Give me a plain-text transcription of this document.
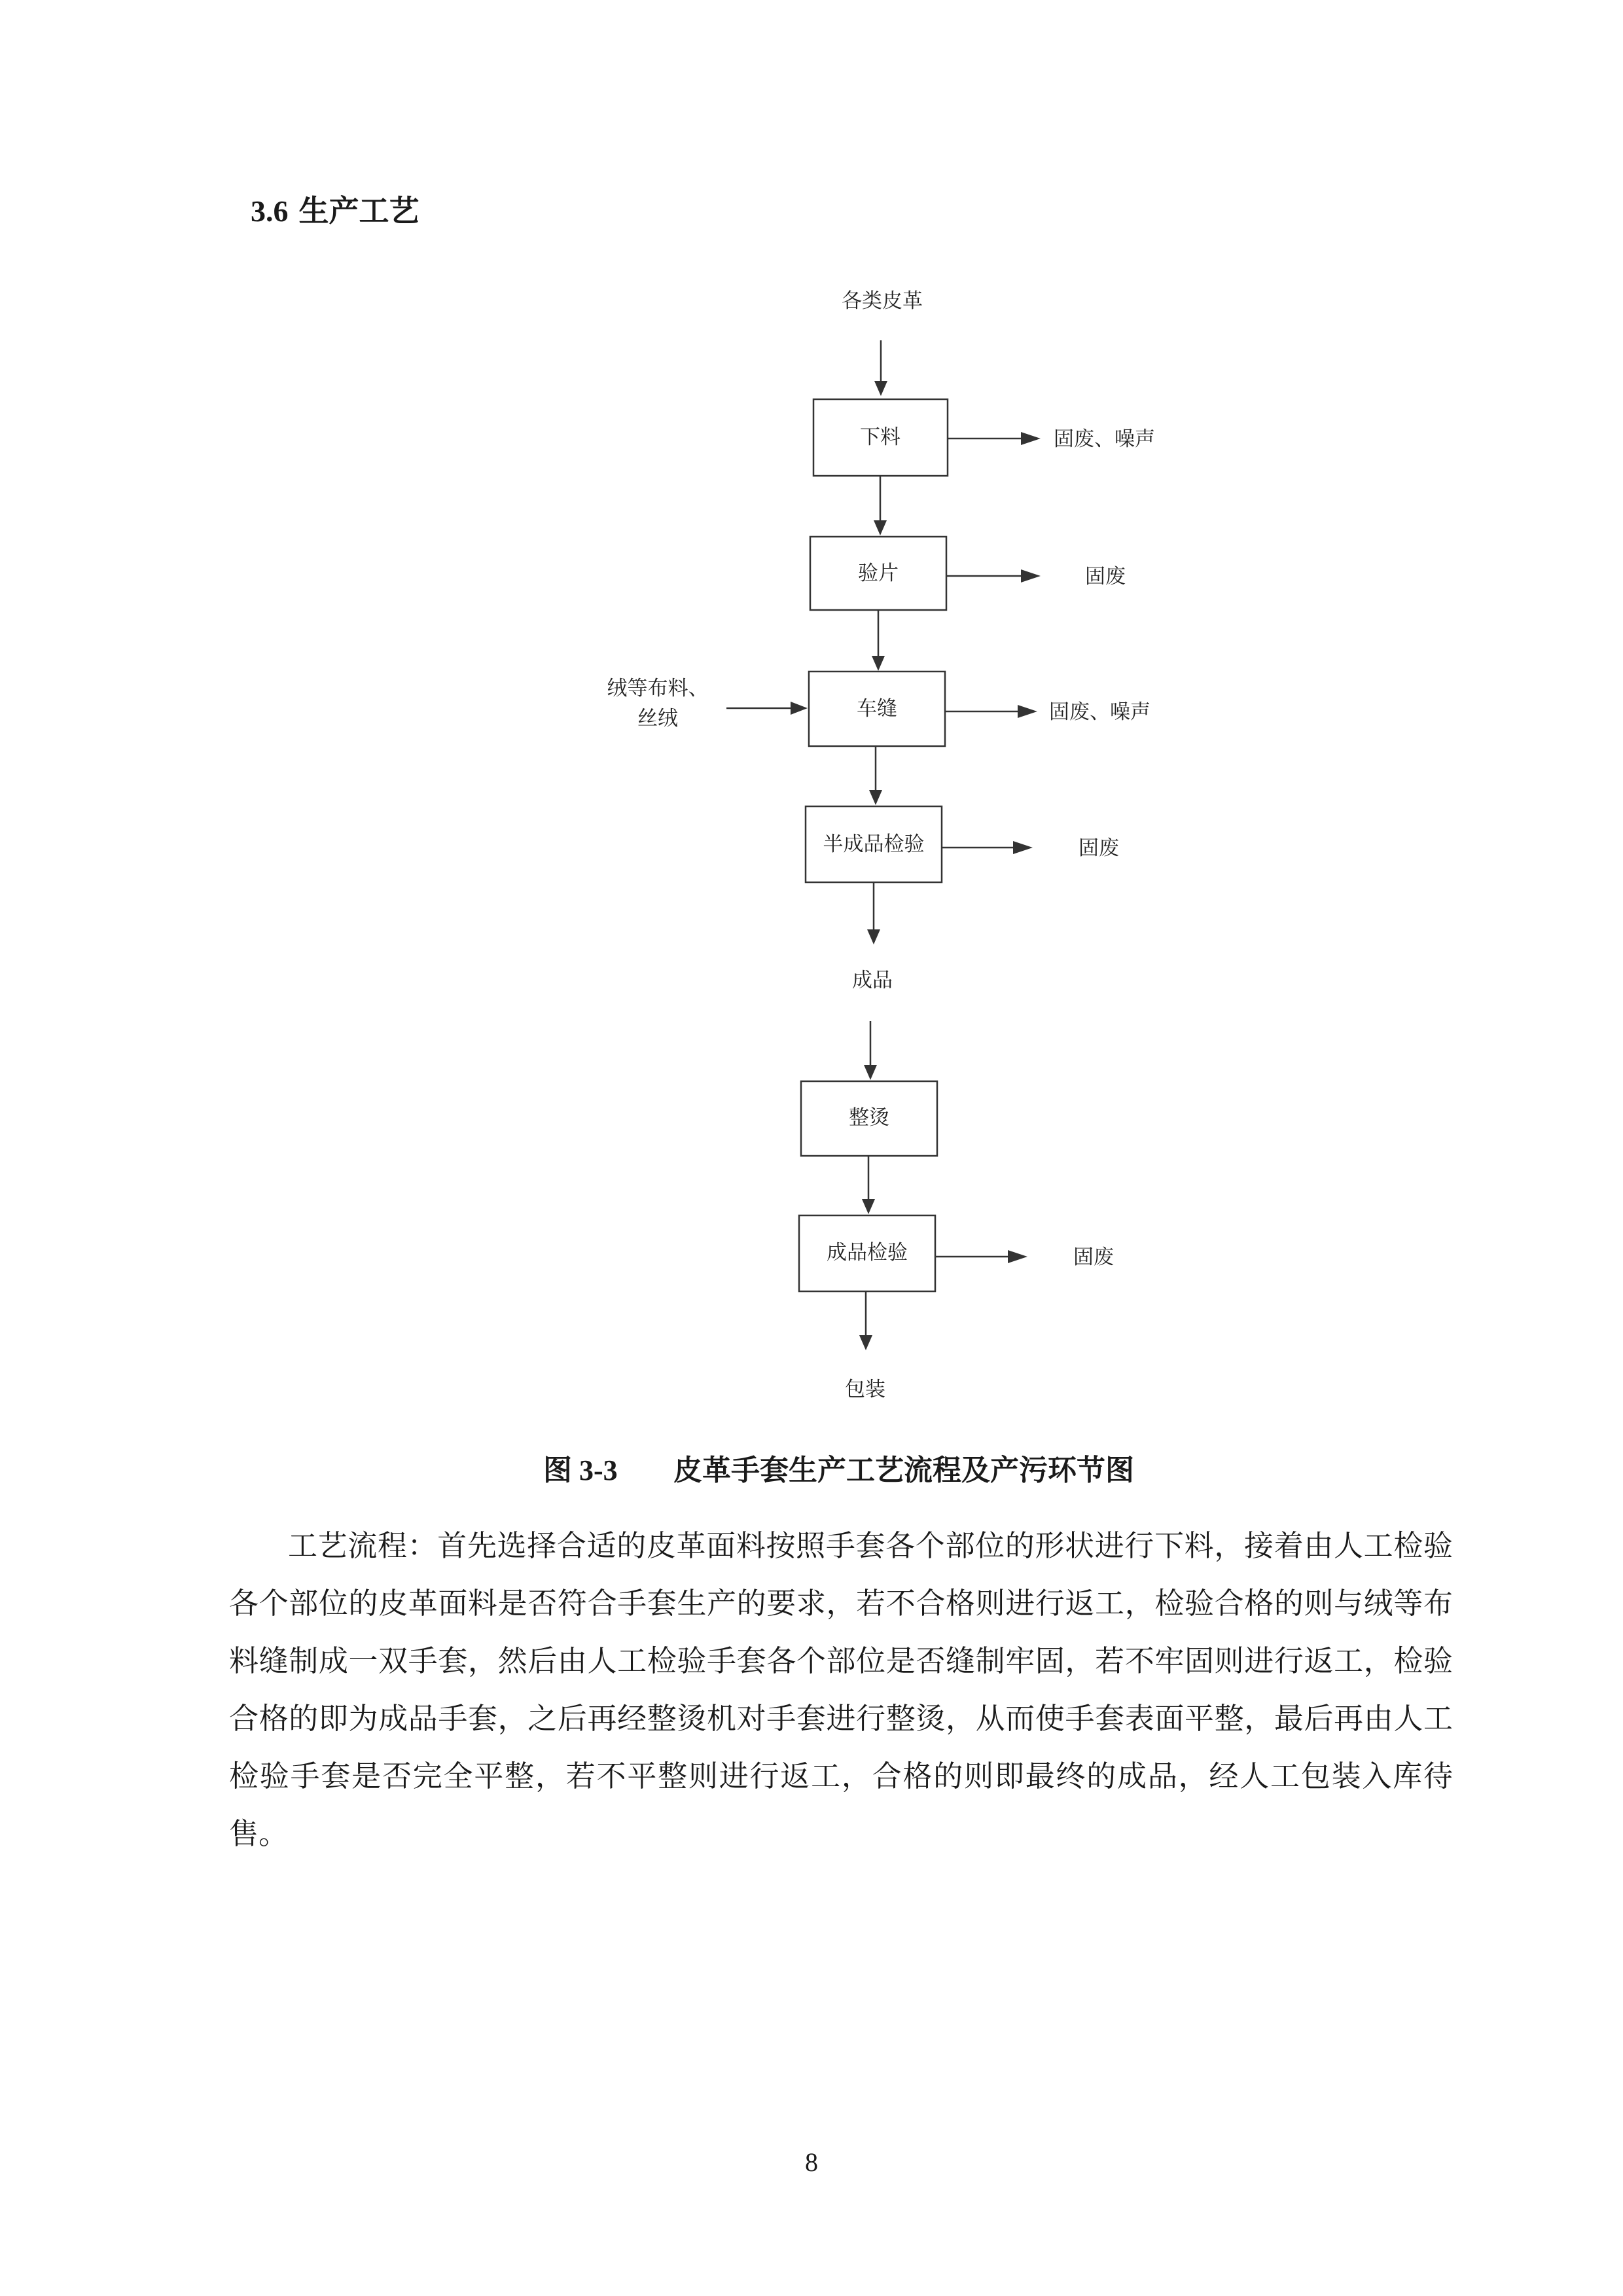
3.6 生产工艺
各类皮革
下料	固废、噪声
验片	固废
绒等布料、
丝绒	车缝	固废、噪声
半成品检验	固废
成品
整烫
成品检验	固废
包装
图 3-3 皮革手套生产工艺流程及产污环节图

工艺流程：首先选择合适的皮革面料按照手套各个部位的形状进行下料，接着由人工检验各个部位的皮革面料是否符合手套生产的要求，若不合格则进行返工，检验合格的则与绒等布料缝制成一双手套，然后由人工检验手套各个部位是否缝制牢固，若不牢固则进行返工，检验合格的即为成品手套，之后再经整烫机对手套进行整烫，从而使手套表面平整，最后再由人工检验手套是否完全平整，若不平整则进行返工，合格的则即最终的成品，经人工包装入库待售。

8
